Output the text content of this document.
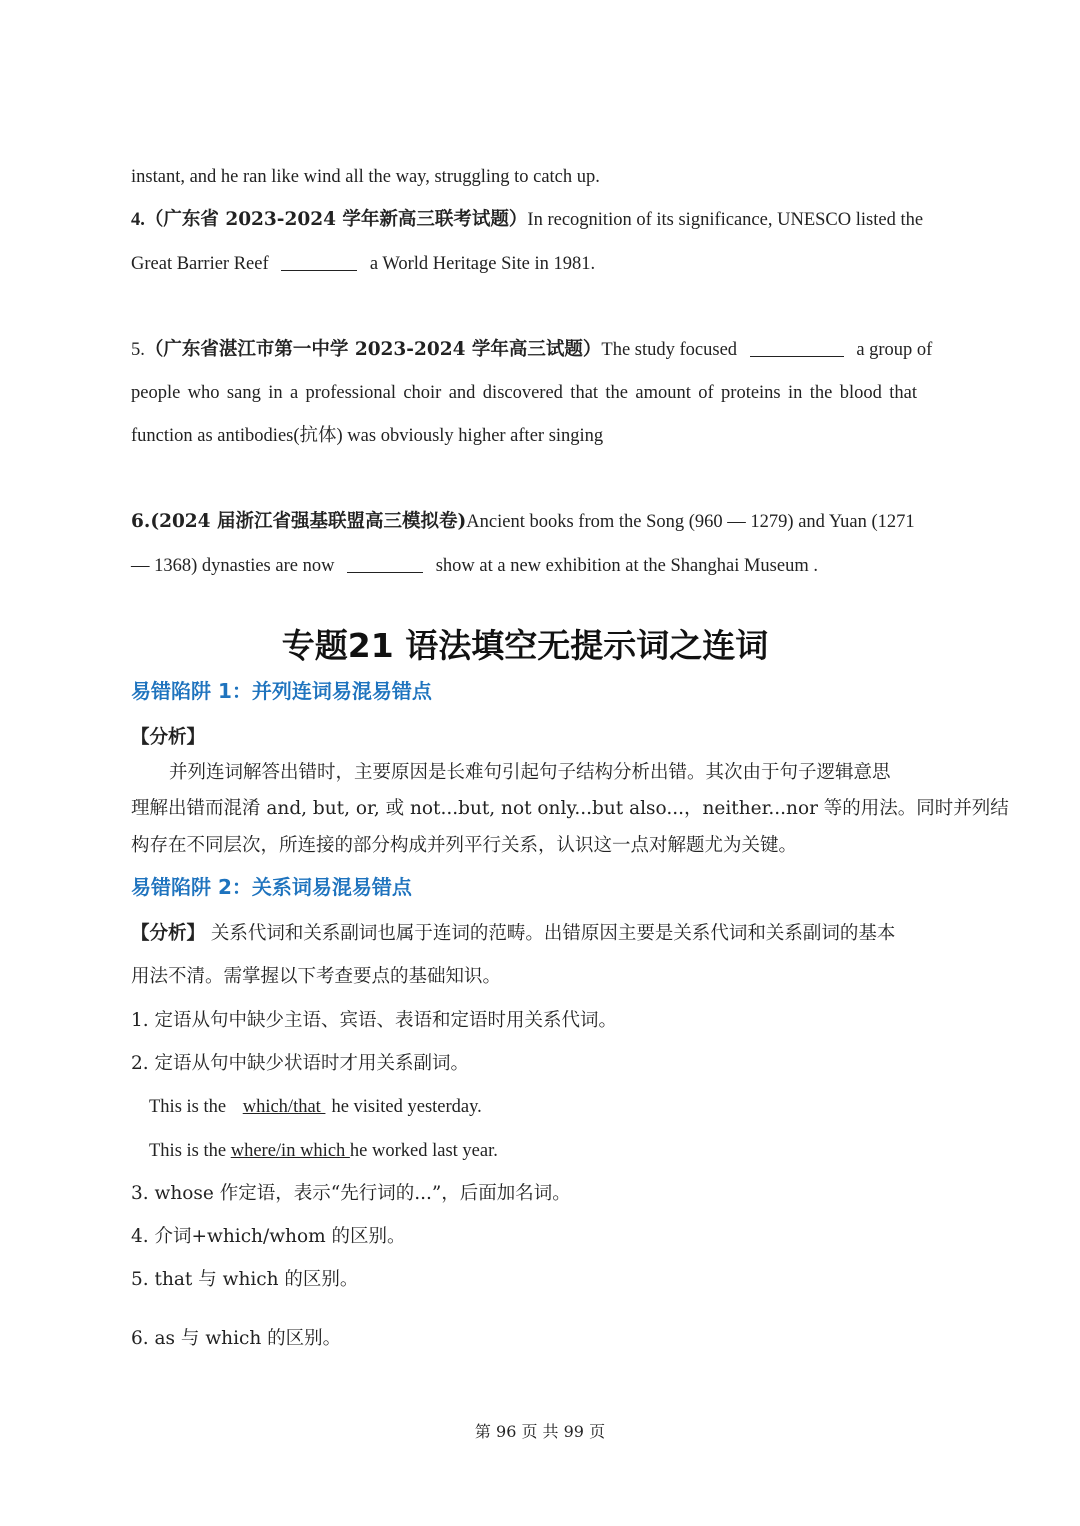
instant, and he ran like wind all the way, struggling to catch up.
4.（广东省 2023-2024 学年新高三联考试题）In recognition of its significance, UNESCO listed the
Great Barrier Reef	a World Heritage Site in 1981.
5.（广东省湛江市第一中学 2023-2024 学年高三试题）The study focused	a group of
people who sang in a professional choir and discovered that the amount of proteins in the blood that
function as antibodies(抗体) was obviously higher after singing
6.(2024 届浙江省强基联盟高三模拟卷)Ancient books from the Song (960 — 1279) and Yuan (1271
— 1368) dynasties are now	show at a new exhibition at the Shanghai Museum .
专题21 语法填空无提示词之连词
易错陷阱 1：并列连词易混易错点
【分析】
并列连词解答出错时，主要原因是长难句引起句子结构分析出错。其次由于句子逻辑意思
理解出错而混淆 and, but, or, 或 not...but, not only...but also...，neither...nor 等的用法。同时并列结
构存在不同层次，所连接的部分构成并列平行关系，认识这一点对解题尤为关键。
易错陷阱 2：关系词易混易错点
【分析】 关系代词和关系副词也属于连词的范畴。出错原因主要是关系代词和关系副词的基本
用法不清。需掌握以下考查要点的基础知识。
1. 定语从句中缺少主语、宾语、表语和定语时用关系代词。
2. 定语从句中缺少状语时才用关系副词。
This is the which/that he visited yesterday.
This is the where/in which he worked last year.
3. whose 作定语，表示“先行词的...”，后面加名词。
4. 介词+which/whom 的区别。
5. that 与 which 的区别。
6. as 与 which 的区别。
第 96 页 共 99 页
